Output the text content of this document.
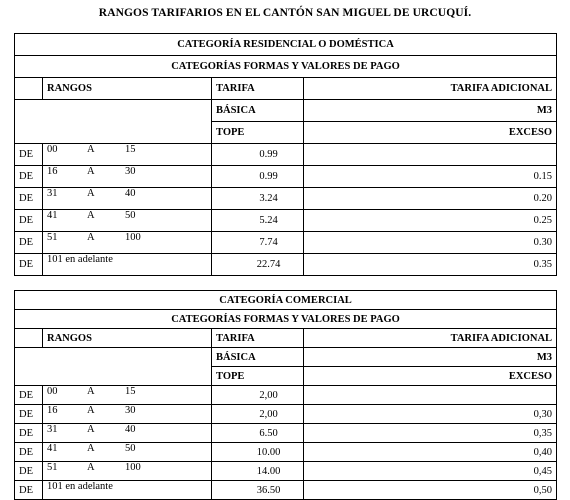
RANGOS TARIFARIOS EN EL CANTÓN SAN MIGUEL DE URCUQUÍ.
CATEGORÍA RESIDENCIAL O DOMÉSTICA			
CATEGORÍAS FORMAS Y VALORES DE PAGO			
	RANGOS	TARIFA	TARIFA ADICIONAL
		BÁSICA	M3
		TOPE	EXCESO
DE	00 A 15	0.99	
DE	16 A 30	0.99	0.15
DE	31 A 40	3.24	0.20
DE	41 A 50	5.24	0.25
DE	51 A 100	7.74	0.30
DE	101 en adelante	22.74	0.35
CATEGORÍA COMERCIAL			
CATEGORÍAS FORMAS Y VALORES DE PAGO			
	RANGOS	TARIFA	TARIFA ADICIONAL
		BÁSICA	M3
		TOPE	EXCESO
DE	00 A 15	2,00	
DE	16 A 30	2,00	0,30
DE	31 A 40	6.50	0,35
DE	41 A 50	10.00	0,40
DE	51 A 100	14.00	0,45
DE	101 en adelante	36.50	0,50
